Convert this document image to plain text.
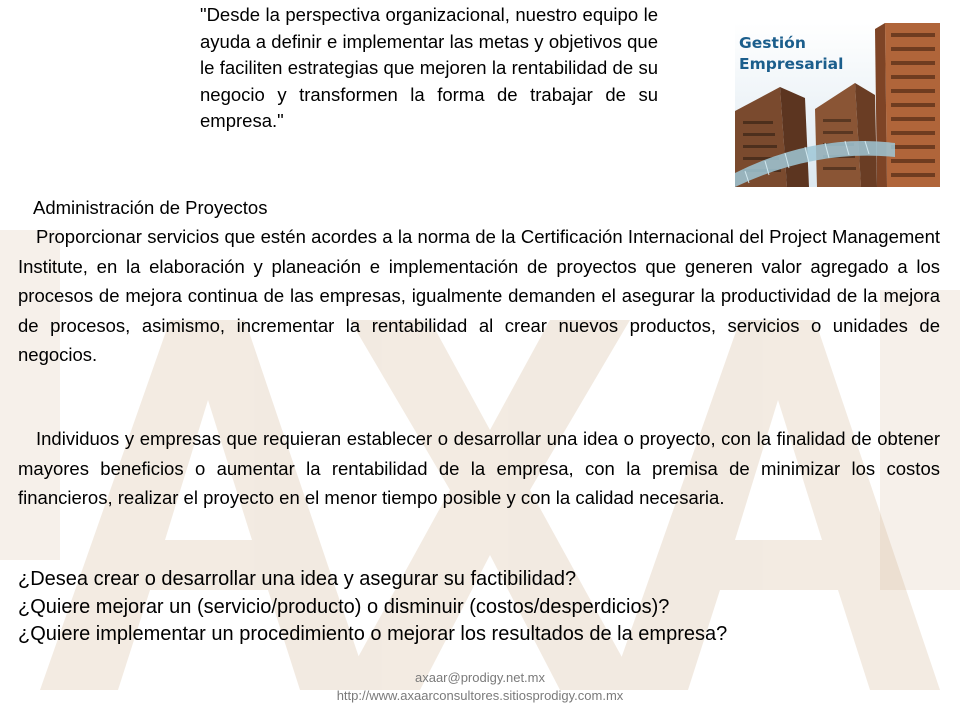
"Desde la perspectiva organizacional, nuestro equipo le ayuda a definir e implementar las metas y objetivos que le faciliten estrategias que mejoren la rentabilidad de su negocio y transformen la forma de trabajar de su empresa."
Gestión
Empresarial
Administración de Proyectos
Proporcionar servicios que estén acordes a la norma de la Certificación Internacional del Project Management Institute, en la elaboración y planeación e implementación de proyectos que generen valor agregado a los procesos de mejora continua de las empresas, igualmente demanden el asegurar la productividad de la mejora de procesos, asimismo, incrementar la rentabilidad al crear nuevos productos, servicios o unidades de negocios.
Individuos y empresas que requieran establecer o desarrollar una idea o proyecto, con la finalidad de obtener mayores beneficios o aumentar la rentabilidad de la empresa, con la premisa de minimizar los costos financieros, realizar el proyecto en el menor tiempo posible y con la calidad necesaria.
¿Desea crear o desarrollar una idea y asegurar su factibilidad?
¿Quiere mejorar un (servicio/producto) o disminuir (costos/desperdicios)?
¿Quiere implementar un procedimiento o mejorar los resultados de la empresa?
axaar@prodigy.net.mx
http://www.axaarconsultores.sitiosprodigy.com.mx
